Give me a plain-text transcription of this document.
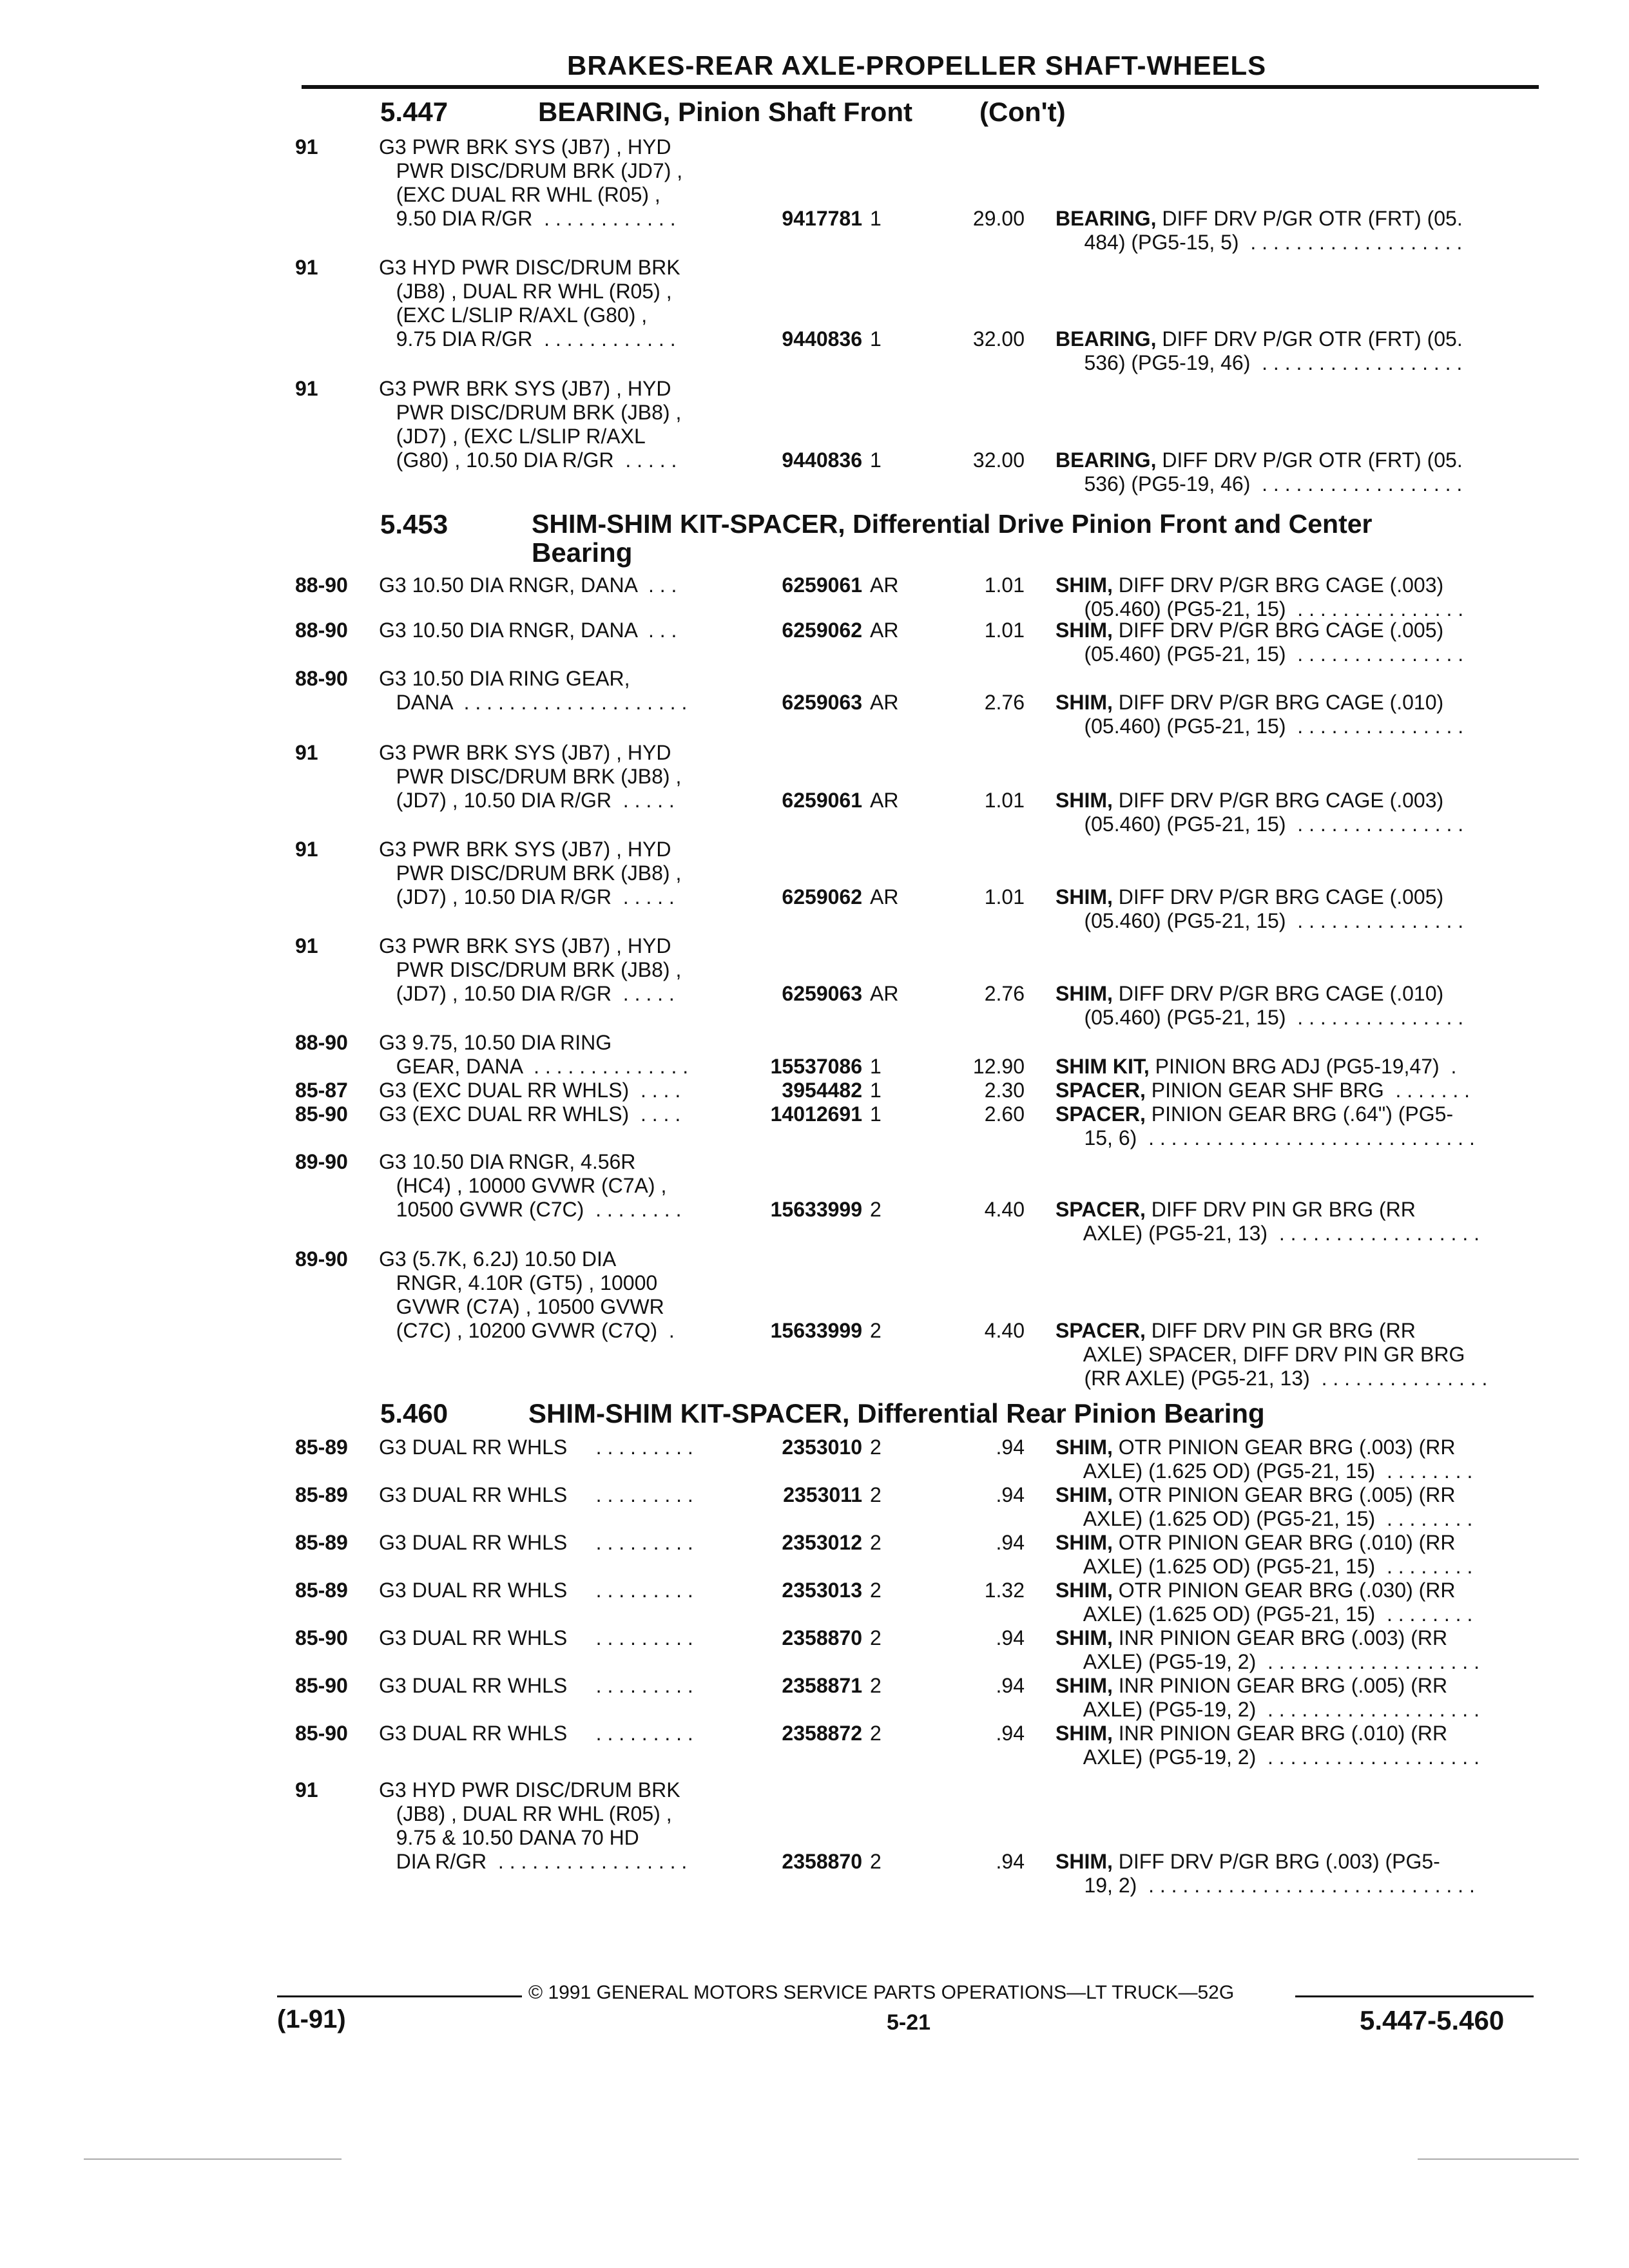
BRAKES-REAR AXLE-PROPELLER SHAFT-WHEELS
5.447	BEARING, Pinion Shaft Front (Con't)
5.453	SHIM-SHIM KIT-SPACER, Differential Drive Pinion Front and Center
Bearing
5.460	SHIM-SHIM KIT-SPACER, Differential Rear Pinion Bearing
91	G3 PWR BRK SYS (JB7) , HYD
PWR DISC/DRUM BRK (JD7) ,
(EXC DUAL RR WHL (R05) ,
9.50 DIA R/GR  . . . . . . . . . . . .	9417781 1	29.00 BEARING, DIFF DRV P/GR OTR (FRT) (05.
484) (PG5-15, 5)  . . . . . . . . . . . . . . . . . . .
91	G3 HYD PWR DISC/DRUM BRK
(JB8) , DUAL RR WHL (R05) ,
(EXC L/SLIP R/AXL (G80) ,
9.75 DIA R/GR  . . . . . . . . . . . .	9440836 1	32.00 BEARING, DIFF DRV P/GR OTR (FRT) (05.
536) (PG5-19, 46)  . . . . . . . . . . . . . . . . . .
91	G3 PWR BRK SYS (JB7) , HYD
PWR DISC/DRUM BRK (JB8) ,
(JD7) , (EXC L/SLIP R/AXL
(G80) , 10.50 DIA R/GR  . . . . .	9440836 1	32.00 BEARING, DIFF DRV P/GR OTR (FRT) (05.
536) (PG5-19, 46)  . . . . . . . . . . . . . . . . . .
88-90	G3 10.50 DIA RNGR, DANA  . . .	6259061 AR	1.01 SHIM, DIFF DRV P/GR BRG CAGE (.003)
(05.460) (PG5-21, 15)  . . . . . . . . . . . . . . .
88-90	G3 10.50 DIA RNGR, DANA  . . .	6259062 AR	1.01 SHIM, DIFF DRV P/GR BRG CAGE (.005)
(05.460) (PG5-21, 15)  . . . . . . . . . . . . . . .
88-90	G3 10.50 DIA RING GEAR,
DANA  . . . . . . . . . . . . . . . . . . . .	6259063 AR	2.76 SHIM, DIFF DRV P/GR BRG CAGE (.010)
(05.460) (PG5-21, 15)  . . . . . . . . . . . . . . .
91	G3 PWR BRK SYS (JB7) , HYD
PWR DISC/DRUM BRK (JB8) ,
(JD7) , 10.50 DIA R/GR  . . . . .	6259061 AR	1.01 SHIM, DIFF DRV P/GR BRG CAGE (.003)
(05.460) (PG5-21, 15)  . . . . . . . . . . . . . . .
91	G3 PWR BRK SYS (JB7) , HYD
PWR DISC/DRUM BRK (JB8) ,
(JD7) , 10.50 DIA R/GR  . . . . .	6259062 AR	1.01 SHIM, DIFF DRV P/GR BRG CAGE (.005)
(05.460) (PG5-21, 15)  . . . . . . . . . . . . . . .
91	G3 PWR BRK SYS (JB7) , HYD
PWR DISC/DRUM BRK (JB8) ,
(JD7) , 10.50 DIA R/GR  . . . . .	6259063 AR	2.76 SHIM, DIFF DRV P/GR BRG CAGE (.010)
(05.460) (PG5-21, 15)  . . . . . . . . . . . . . . .
88-90	G3 9.75, 10.50 DIA RING
GEAR, DANA  . . . . . . . . . . . . . .	15537086 1	12.90 SHIM KIT, PINION BRG ADJ (PG5-19,47)  .
85-87	G3 (EXC DUAL RR WHLS)  . . . .	3954482 1	2.30 SPACER, PINION GEAR SHF BRG  . . . . . . .
85-90	G3 (EXC DUAL RR WHLS)  . . . .	14012691 1	2.60 SPACER, PINION GEAR BRG (.64") (PG5-
15, 6)  . . . . . . . . . . . . . . . . . . . . . . . . . . . . .
89-90	G3 10.50 DIA RNGR, 4.56R
(HC4) , 10000 GVWR (C7A) ,
10500 GVWR (C7C)  . . . . . . . .	15633999 2	4.40 SPACER, DIFF DRV PIN GR BRG (RR
AXLE) (PG5-21, 13)  . . . . . . . . . . . . . . . . . .
89-90	G3 (5.7K, 6.2J) 10.50 DIA
RNGR, 4.10R (GT5) , 10000
GVWR (C7A) , 10500 GVWR
(C7C) , 10200 GVWR (C7Q)  .	15633999 2	4.40 SPACER, DIFF DRV PIN GR BRG (RR
AXLE) SPACER, DIFF DRV PIN GR BRG
(RR AXLE) (PG5-21, 13)  . . . . . . . . . . . . . . .
85-89	G3 DUAL RR WHLS     . . . . . . . . .	2353010 2	.94 SHIM, OTR PINION GEAR BRG (.003) (RR
AXLE) (1.625 OD) (PG5-21, 15)  . . . . . . . .
85-89	G3 DUAL RR WHLS     . . . . . . . . .	2353011 2	.94 SHIM, OTR PINION GEAR BRG (.005) (RR
AXLE) (1.625 OD) (PG5-21, 15)  . . . . . . . .
85-89	G3 DUAL RR WHLS     . . . . . . . . .	2353012 2	.94 SHIM, OTR PINION GEAR BRG (.010) (RR
AXLE) (1.625 OD) (PG5-21, 15)  . . . . . . . .
85-89	G3 DUAL RR WHLS     . . . . . . . . .	2353013 2	1.32 SHIM, OTR PINION GEAR BRG (.030) (RR
AXLE) (1.625 OD) (PG5-21, 15)  . . . . . . . .
85-90	G3 DUAL RR WHLS     . . . . . . . . .	2358870 2	.94 SHIM, INR PINION GEAR BRG (.003) (RR
AXLE) (PG5-19, 2)  . . . . . . . . . . . . . . . . . . .
85-90	G3 DUAL RR WHLS     . . . . . . . . .	2358871 2	.94 SHIM, INR PINION GEAR BRG (.005) (RR
AXLE) (PG5-19, 2)  . . . . . . . . . . . . . . . . . . .
85-90	G3 DUAL RR WHLS     . . . . . . . . .	2358872 2	.94 SHIM, INR PINION GEAR BRG (.010) (RR
AXLE) (PG5-19, 2)  . . . . . . . . . . . . . . . . . . .
91	G3 HYD PWR DISC/DRUM BRK
(JB8) , DUAL RR WHL (R05) ,
9.75 & 10.50 DANA 70 HD
DIA R/GR  . . . . . . . . . . . . . . . . .	2358870 2	.94 SHIM, DIFF DRV P/GR BRG (.003) (PG5-
19, 2)  . . . . . . . . . . . . . . . . . . . . . . . . . . . . .
© 1991 GENERAL MOTORS SERVICE PARTS OPERATIONS—LT TRUCK—52G
(1-91)	5-21	5.447-5.460
